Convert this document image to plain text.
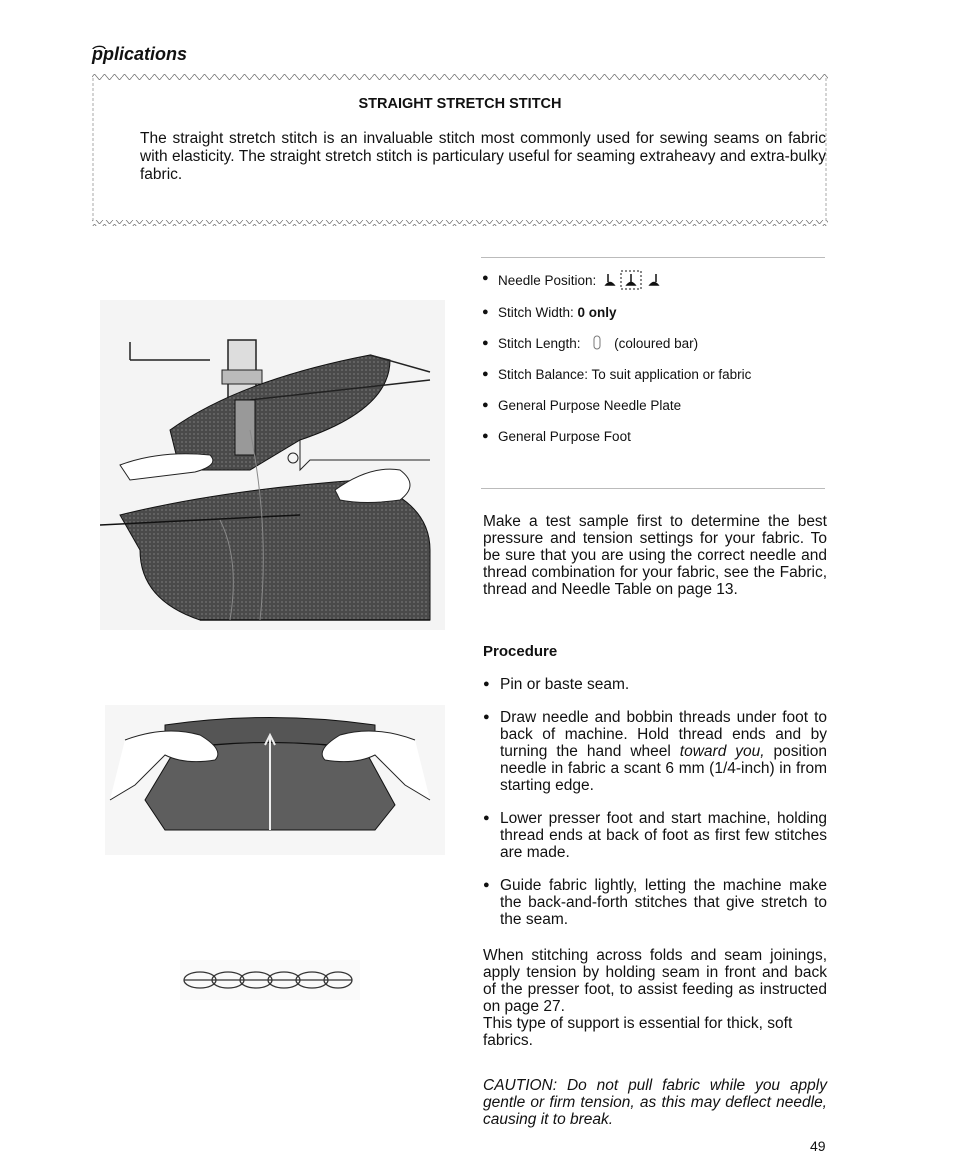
͡pplications
STRAIGHT STRETCH STITCH
The straight stretch stitch is an invaluable stitch most commonly used for sewing seams on fabric with elasticity. The straight stretch stitch is particulary useful for seaming extraheavy and extra-bulky fabric.
● Needle Position:
● Stitch Width: 0 only
● Stitch Length: (coloured bar)
● Stitch Balance: To suit application or fabric
● General Purpose Needle Plate
● General Purpose Foot

Make a test sample first to determine the best pressure and tension settings for your fabric. To be sure that you are using the correct needle and thread combination for your fabric, see the Fabric, thread and Needle Table on page 13.

Procedure
● Pin or baste seam.
● Draw needle and bobbin threads under foot to back of machine. Hold thread ends and by turning the hand wheel toward you, position needle in fabric a scant 6 mm (1/4-inch) in from starting edge.
● Lower presser foot and start machine, holding thread ends at back of foot as first few stitches are made.
● Guide fabric lightly, letting the machine make the back-and-forth stitches that give stretch to the seam.

When stitching across folds and seam joinings, apply tension by holding seam in front and back of the presser foot, to assist feeding as instructed on page 27.

This type of support is essential for thick, soft fabrics.

CAUTION: Do not pull fabric while you apply gentle or firm tension, as this may deflect needle, causing it to break.

49
